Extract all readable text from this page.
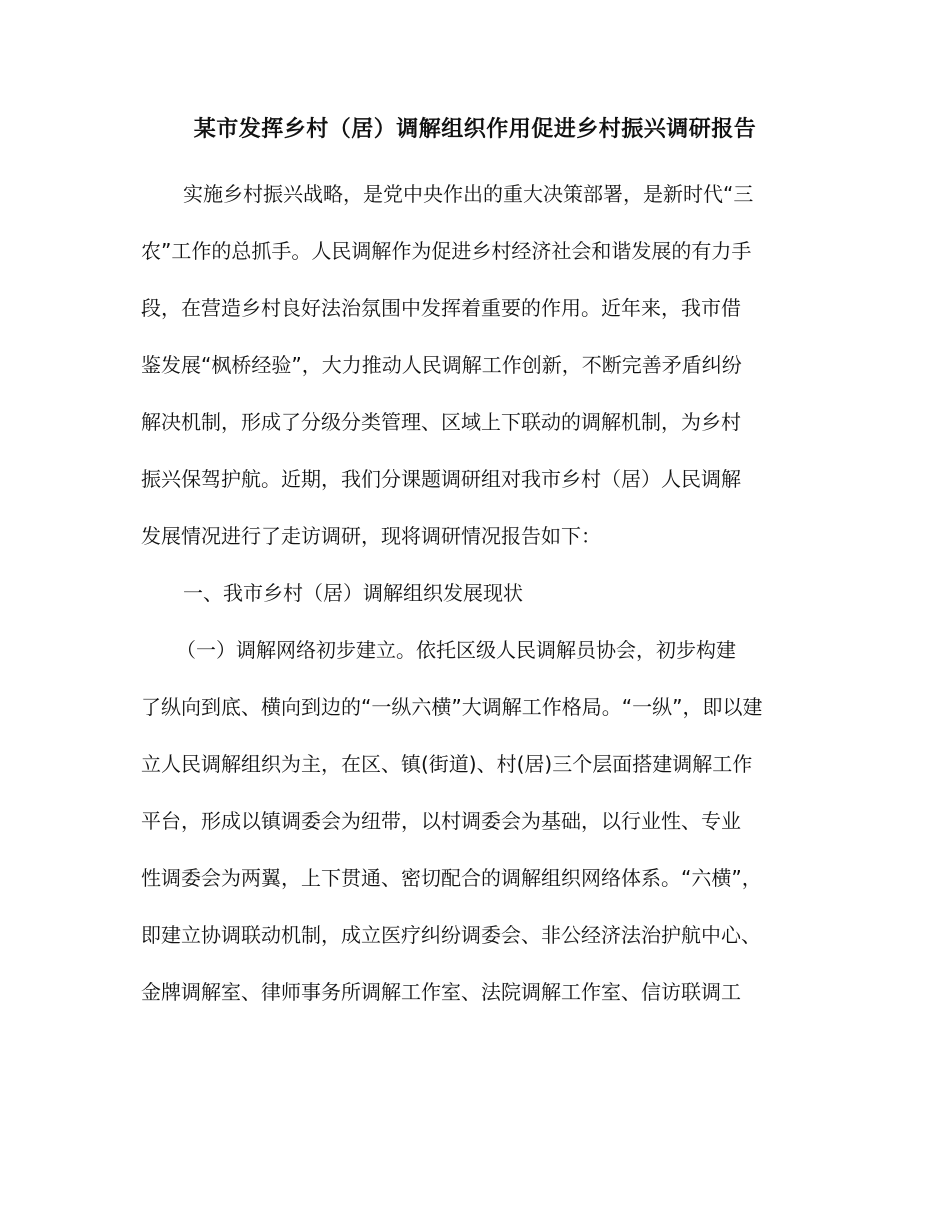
某市发挥乡村（居）调解组织作用促进乡村振兴调研报告
实施乡村振兴战略，是党中央作出的重大决策部署，是新时代“三
农”工作的总抓手。人民调解作为促进乡村经济社会和谐发展的有力手
段，在营造乡村良好法治氛围中发挥着重要的作用。近年来，我市借
鉴发展“枫桥经验”，大力推动人民调解工作创新，不断完善矛盾纠纷
解决机制，形成了分级分类管理、区域上下联动的调解机制，为乡村
振兴保驾护航。近期，我们分课题调研组对我市乡村（居）人民调解
发展情况进行了走访调研，现将调研情况报告如下：
一、我市乡村（居）调解组织发展现状
（一）调解网络初步建立。依托区级人民调解员协会，初步构建
了纵向到底、横向到边的“一纵六横”大调解工作格局。“一纵”，即以建
立人民调解组织为主，在区、镇(街道)、村(居)三个层面搭建调解工作
平台，形成以镇调委会为纽带，以村调委会为基础，以行业性、专业
性调委会为两翼，上下贯通、密切配合的调解组织网络体系。“六横”，
即建立协调联动机制，成立医疗纠纷调委会、非公经济法治护航中心、
金牌调解室、律师事务所调解工作室、法院调解工作室、信访联调工
